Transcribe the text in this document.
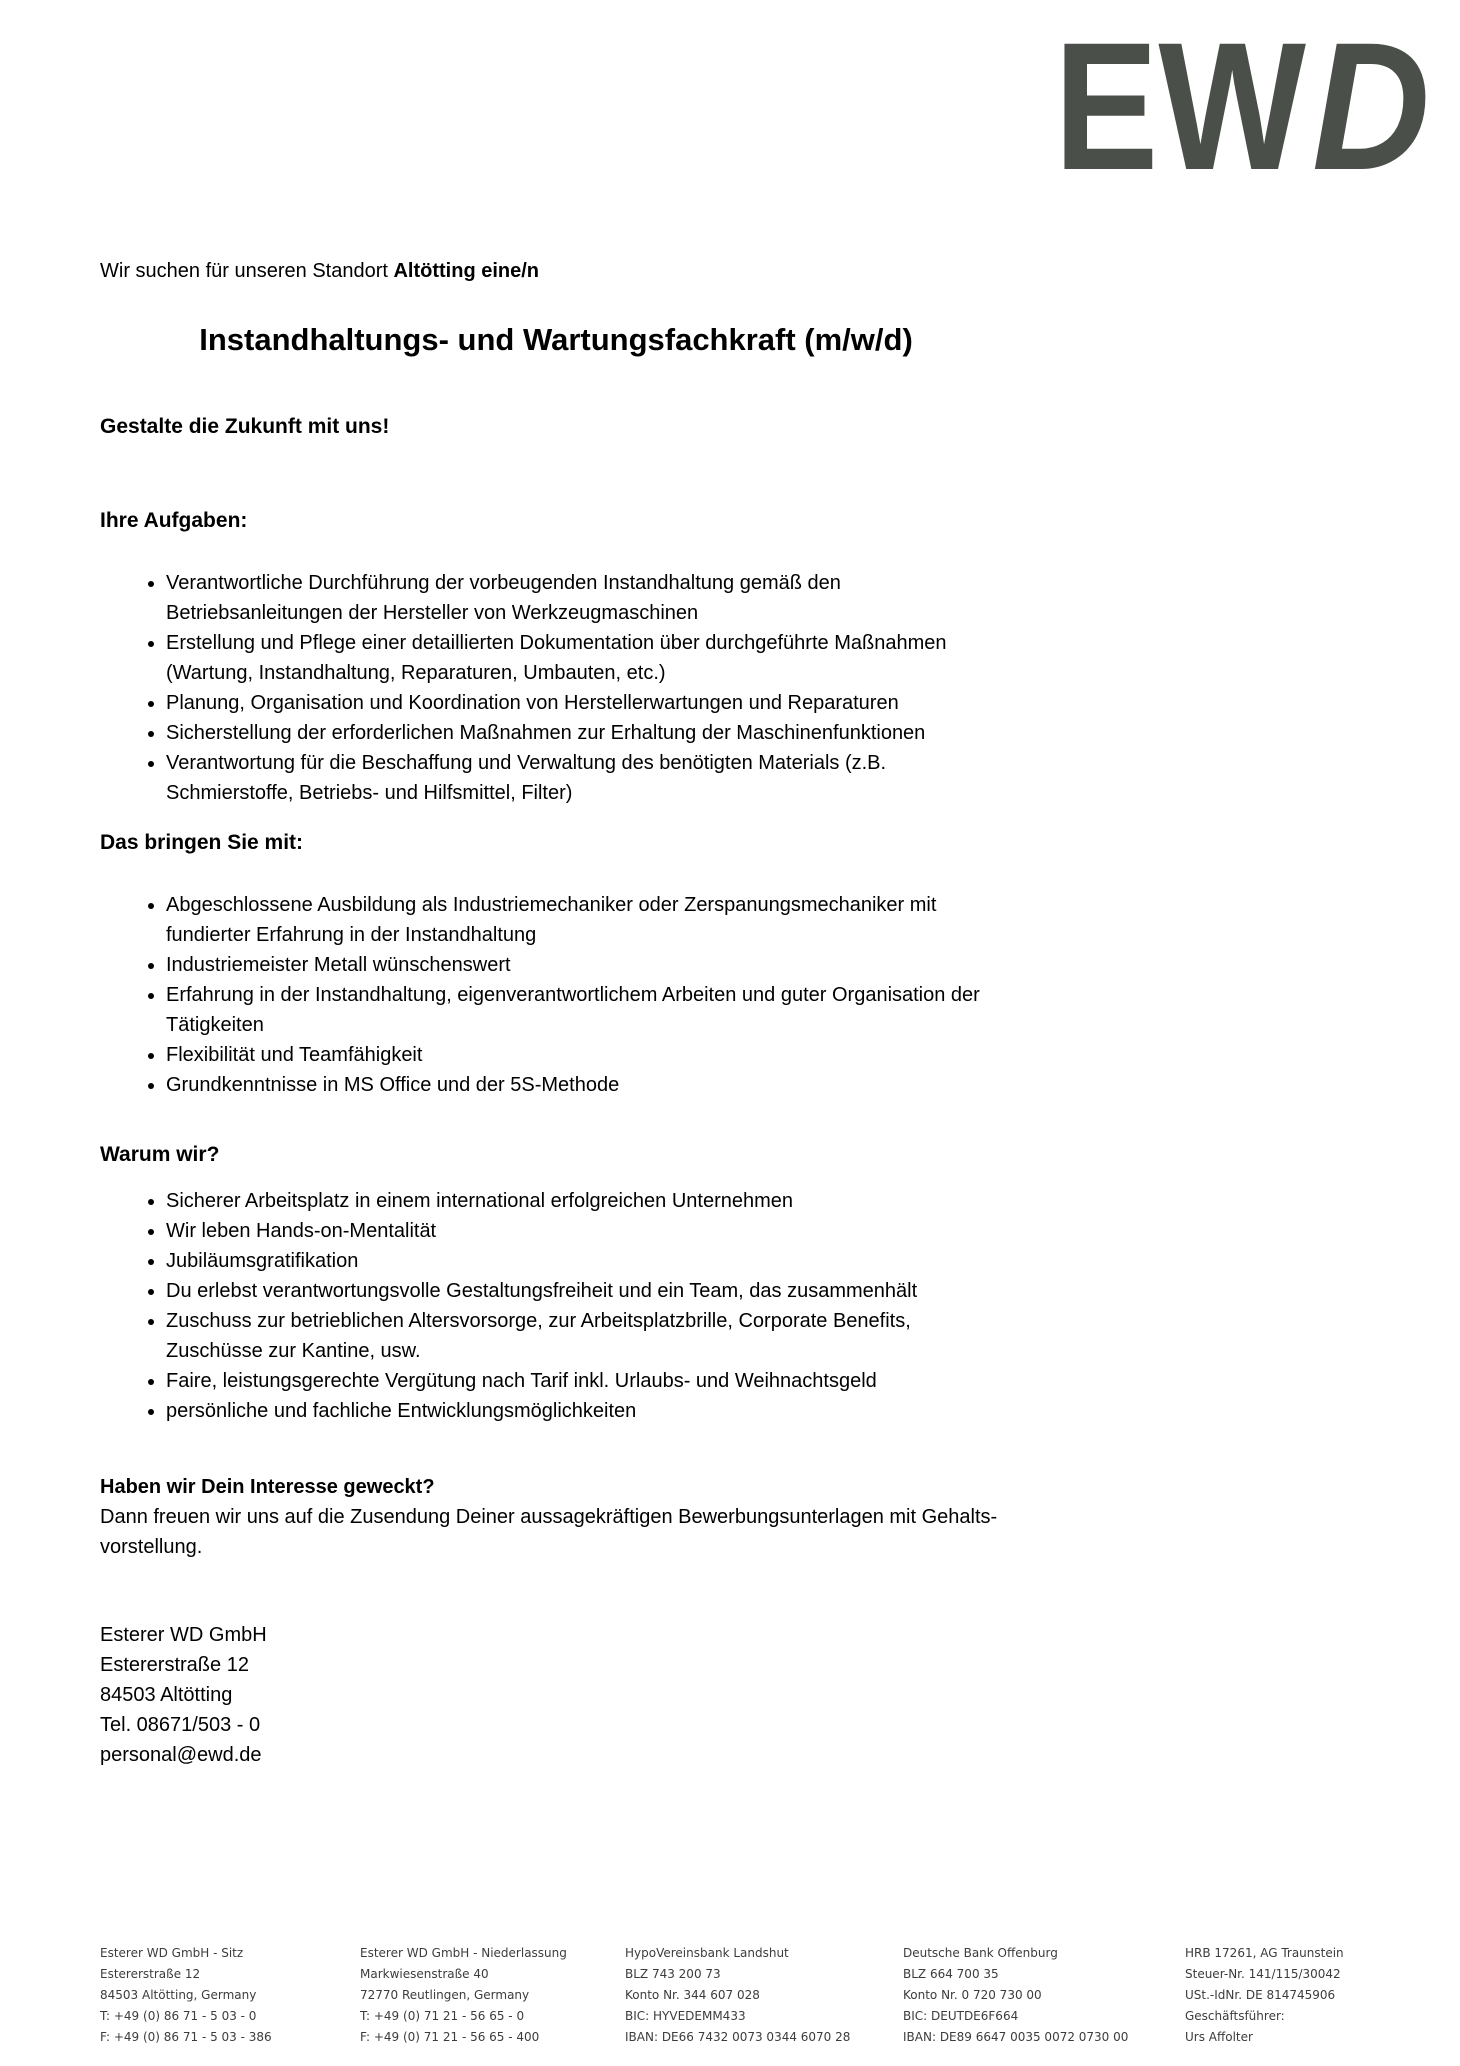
EW D

Wir suchen für unseren Standort Altötting eine/n

Instandhaltungs- und Wartungsfachkraft (m/w/d)

Gestalte die Zukunft mit uns!

Ihre Aufgaben:
• Verantwortliche Durchführung der vorbeugenden Instandhaltung gemäß den Betriebsanleitungen der Hersteller von Werkzeugmaschinen
• Erstellung und Pflege einer detaillierten Dokumentation über durchgeführte Maßnahmen (Wartung, Instandhaltung, Reparaturen, Umbauten, etc.)
• Planung, Organisation und Koordination von Herstellerwartungen und Reparaturen
• Sicherstellung der erforderlichen Maßnahmen zur Erhaltung der Maschinenfunktionen
• Verantwortung für die Beschaffung und Verwaltung des benötigten Materials (z.B. Schmierstoffe, Betriebs- und Hilfsmittel, Filter)
Das bringen Sie mit:
• Abgeschlossene Ausbildung als Industriemechaniker oder Zerspanungsmechaniker mit fundierter Erfahrung in der Instandhaltung
• Industriemeister Metall wünschenswert
• Erfahrung in der Instandhaltung, eigenverantwortlichem Arbeiten und guter Organisation der Tätigkeiten
• Flexibilität und Teamfähigkeit
• Grundkenntnisse in MS Office und der 5S-Methode
Warum wir?
• Sicherer Arbeitsplatz in einem international erfolgreichen Unternehmen
• Wir leben Hands-on-Mentalität
• Jubiläumsgratifikation
• Du erlebst verantwortungsvolle Gestaltungsfreiheit und ein Team, das zusammenhält
• Zuschuss zur betrieblichen Altersvorsorge, zur Arbeitsplatzbrille, Corporate Benefits, Zuschüsse zur Kantine, usw.
• Faire, leistungsgerechte Vergütung nach Tarif inkl. Urlaubs- und Weihnachtsgeld
• persönliche und fachliche Entwicklungsmöglichkeiten

Haben wir Dein Interesse geweckt?

Dann freuen wir uns auf die Zusendung Deiner aussagekräftigen Bewerbungsunterlagen mit Gehalts-

vorstellung.

Esterer WD GmbH
Estererstraße 12
84503 Altötting
Tel. 08671/503 - 0
personal@ewd.de
Esterer WD GmbH - Sitz
Estererstraße 12
84503 Altötting, Germany
T: +49 (0) 86 71 - 5 03 - 0
F: +49 (0) 86 71 - 5 03 - 386
Esterer WD GmbH - Niederlassung
Markwiesenstraße 40
72770 Reutlingen, Germany
T: +49 (0) 71 21 - 56 65 - 0
F: +49 (0) 71 21 - 56 65 - 400
HypoVereinsbank Landshut
BLZ 743 200 73
Konto Nr. 344 607 028
BIC: HYVEDEMM433
IBAN: DE66 7432 0073 0344 6070 28
Deutsche Bank Offenburg
BLZ 664 700 35
Konto Nr. 0 720 730 00
BIC: DEUTDE6F664
IBAN: DE89 6647 0035 0072 0730 00
HRB 17261, AG Traunstein
Steuer-Nr. 141/115/30042
USt.-IdNr. DE 814745906
Geschäftsführer:
Urs Affolter
